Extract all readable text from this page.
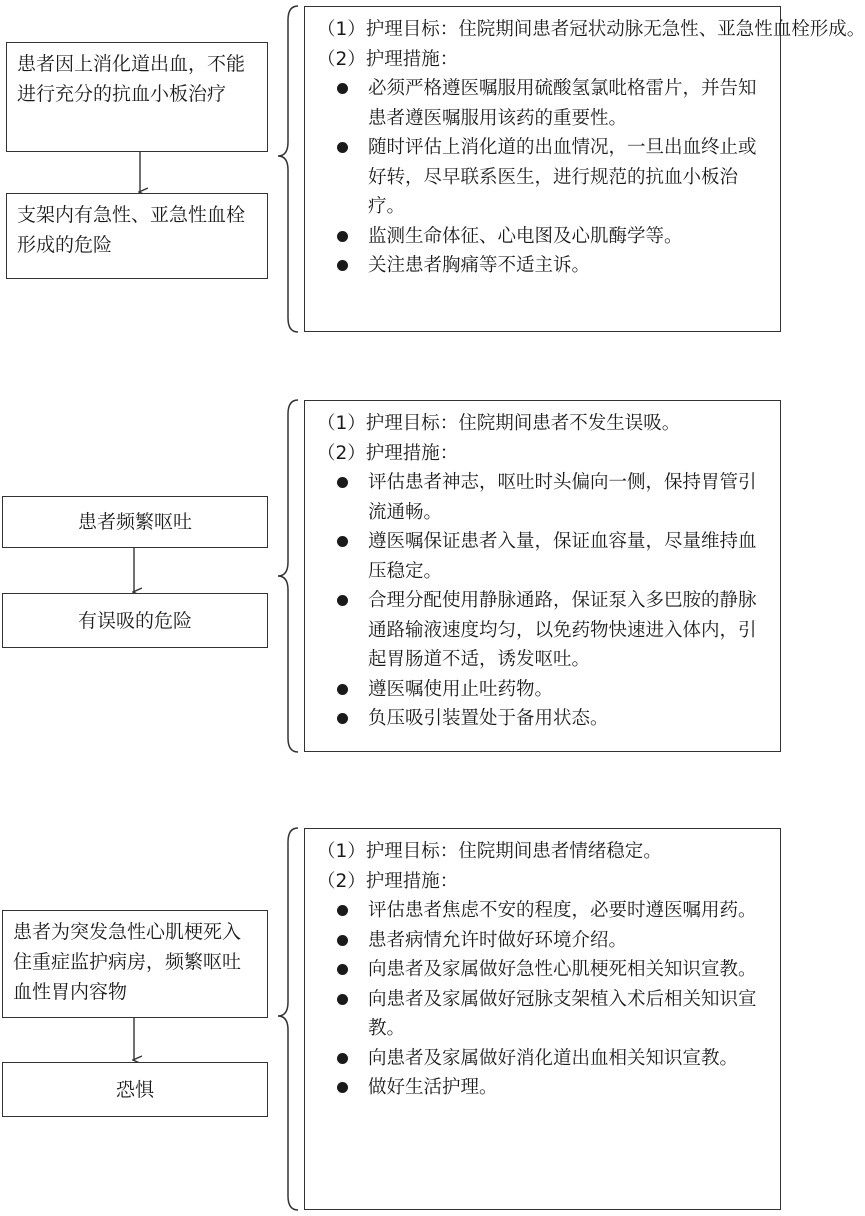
患者因上消化道出血，不能进行充分的抗血小板治疗
支架内有急性、亚急性血栓形成的危险
（1）护理目标：住院期间患者冠状动脉无急性、亚急性血栓形成。
（2）护理措施：
必须严格遵医嘱服用硫酸氢氯吡格雷片，并告知患者遵医嘱服用该药的重要性。
随时评估上消化道的出血情况，一旦出血终止或好转，尽早联系医生，进行规范的抗血小板治疗。
监测生命体征、心电图及心肌酶学等。
关注患者胸痛等不适主诉。
患者频繁呕吐
有误吸的危险
（1）护理目标：住院期间患者不发生误吸。
（2）护理措施：
评估患者神志，呕吐时头偏向一侧，保持胃管引流通畅。
遵医嘱保证患者入量，保证血容量，尽量维持血压稳定。
合理分配使用静脉通路，保证泵入多巴胺的静脉通路输液速度均匀，以免药物快速进入体内，引起胃肠道不适，诱发呕吐。
遵医嘱使用止吐药物。
负压吸引装置处于备用状态。
患者为突发急性心肌梗死入住重症监护病房，频繁呕吐血性胃内容物
恐惧
（1）护理目标：住院期间患者情绪稳定。
（2）护理措施：
评估患者焦虑不安的程度，必要时遵医嘱用药。
患者病情允许时做好环境介绍。
向患者及家属做好急性心肌梗死相关知识宣教。
向患者及家属做好冠脉支架植入术后相关知识宣教。
向患者及家属做好消化道出血相关知识宣教。
做好生活护理。
